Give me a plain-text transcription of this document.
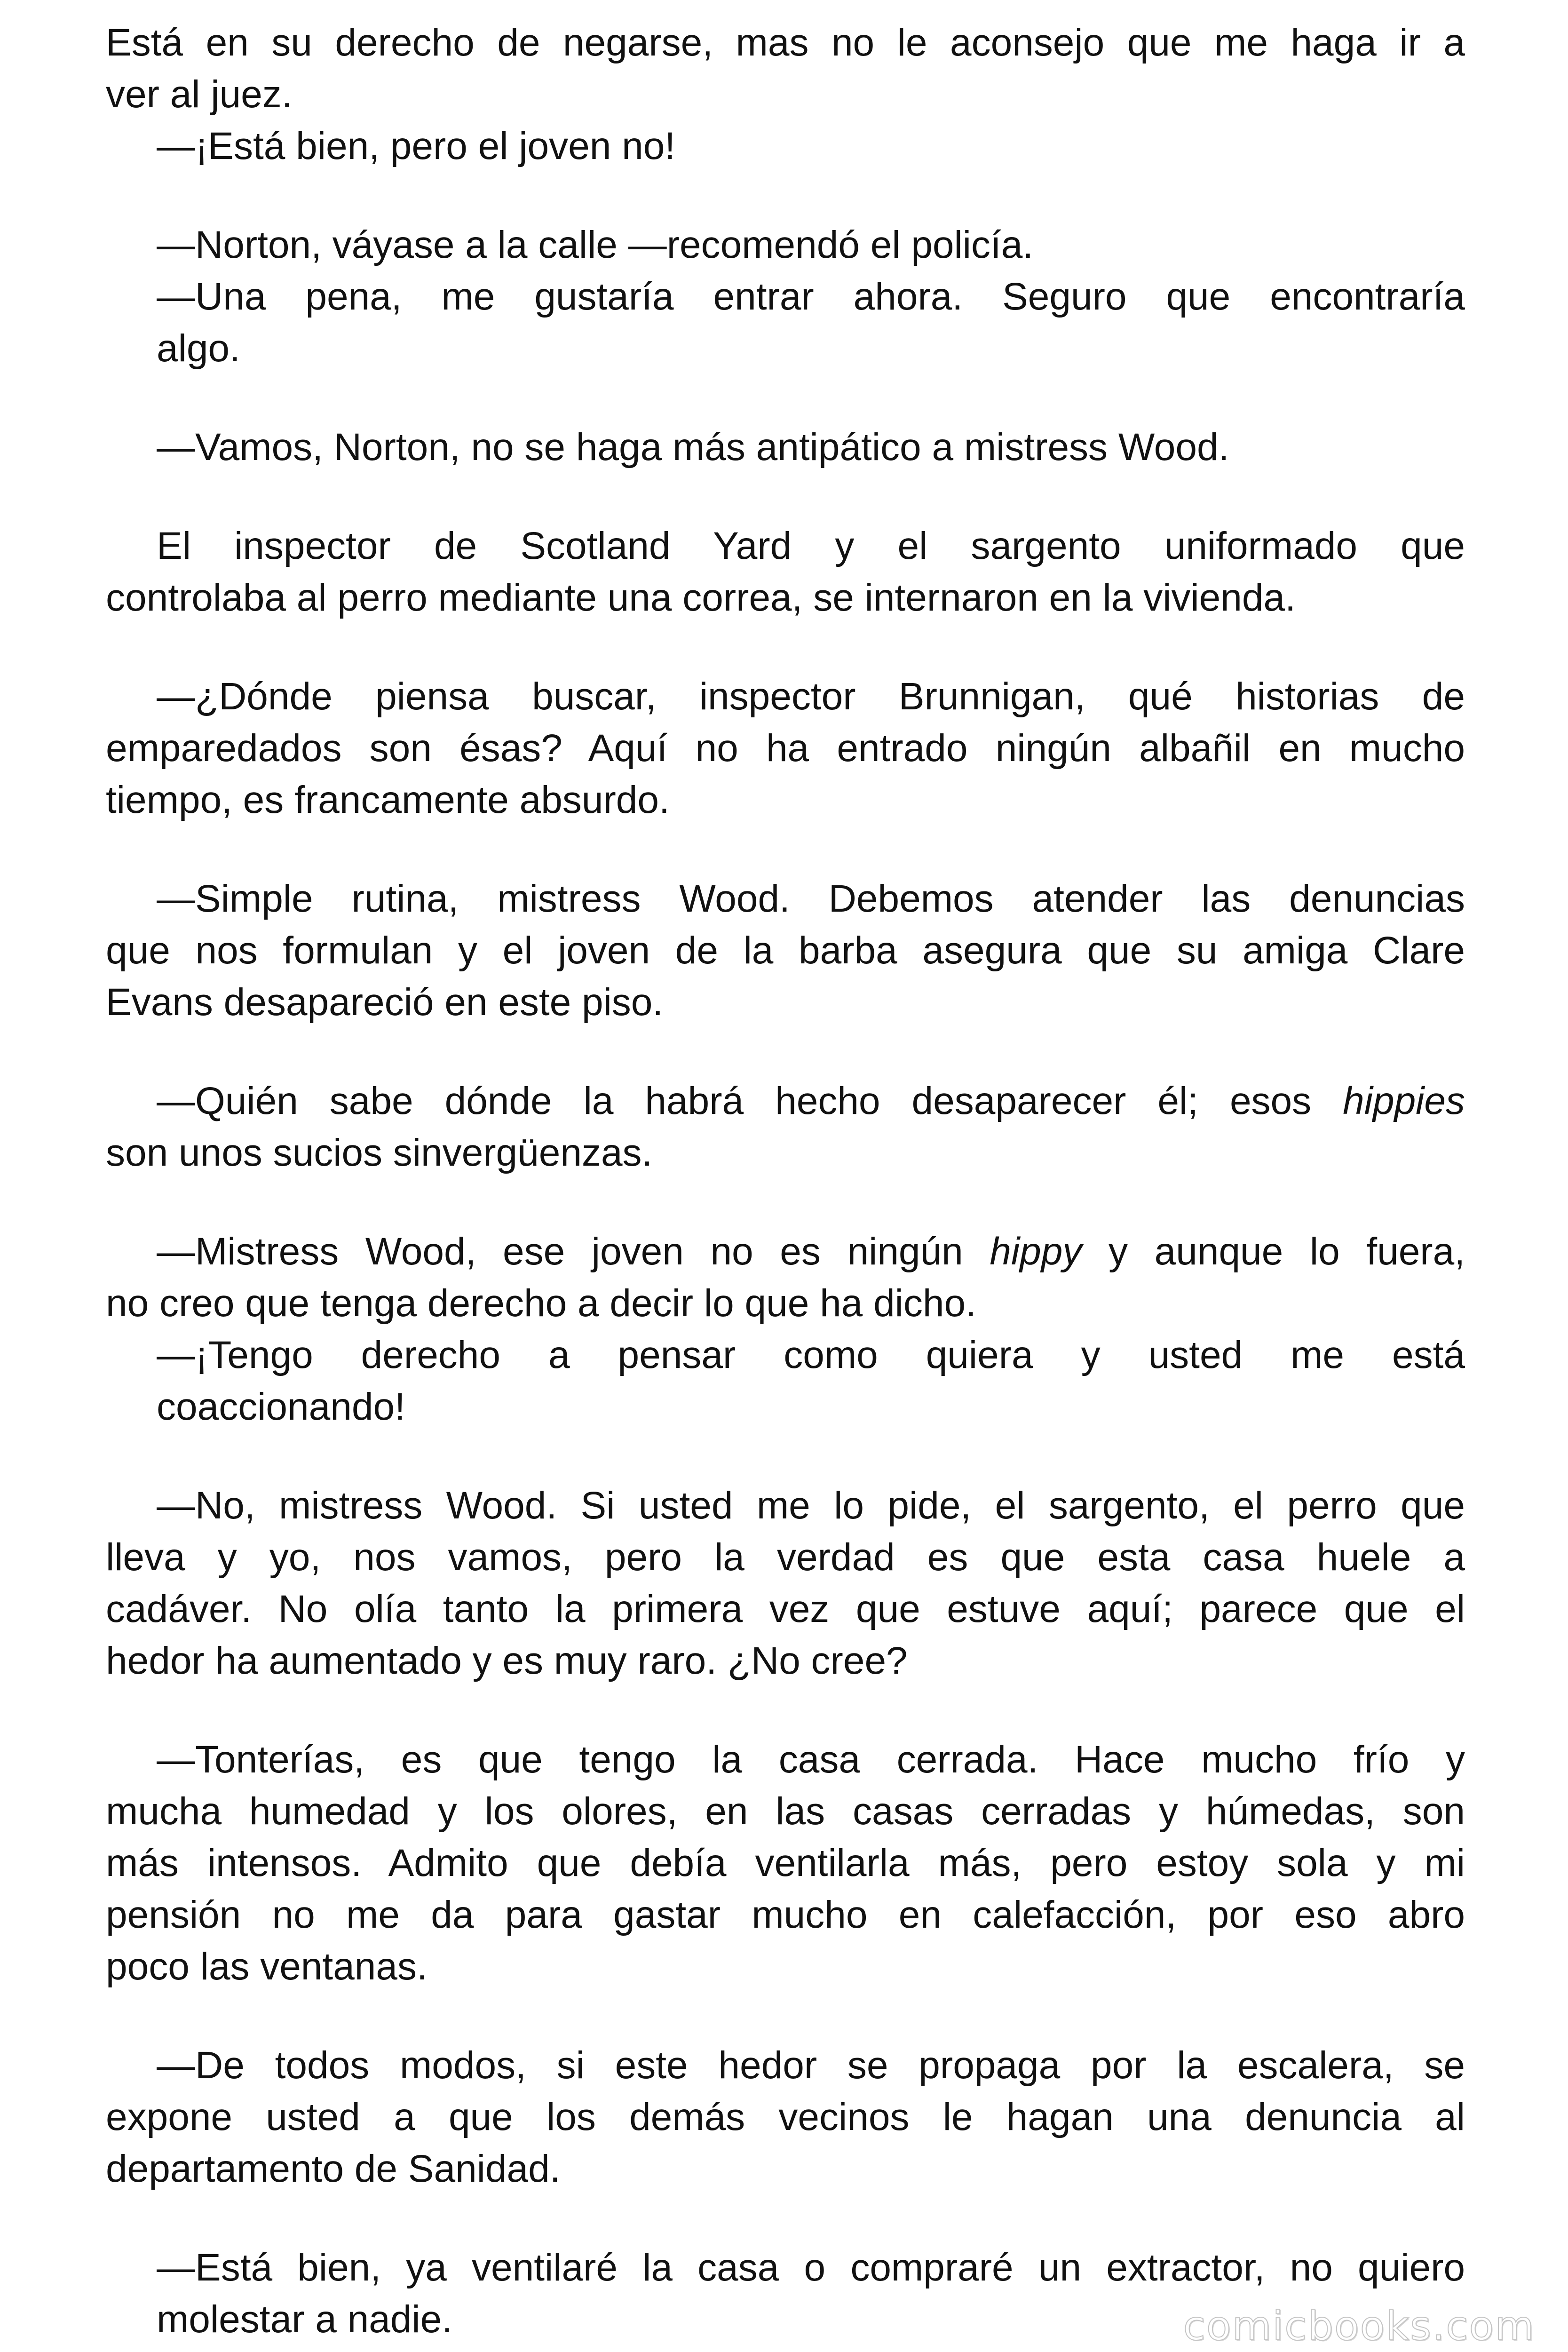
Está en su derecho de negarse, mas no le aconsejo que me haga ir a
ver al juez.
—¡Está bien, pero el joven no!
—Norton, váyase a la calle —recomendó el policía.
—Una pena, me gustaría entrar ahora. Seguro que encontraría
algo.
—Vamos, Norton, no se haga más antipático a mistress Wood.
El inspector de Scotland Yard y el sargento uniformado que
controlaba al perro mediante una correa, se internaron en la vivienda.
—¿Dónde piensa buscar, inspector Brunnigan, qué historias de
emparedados son ésas? Aquí no ha entrado ningún albañil en mucho
tiempo, es francamente absurdo.
—Simple rutina, mistress Wood. Debemos atender las denuncias
que nos formulan y el joven de la barba asegura que su amiga Clare
Evans desapareció en este piso.
—Quién sabe dónde la habrá hecho desaparecer él; esos hippies
son unos sucios sinvergüenzas.
—Mistress Wood, ese joven no es ningún hippy y aunque lo fuera,
no creo que tenga derecho a decir lo que ha dicho.
—¡Tengo derecho a pensar como quiera y usted me está
coaccionando!
—No, mistress Wood. Si usted me lo pide, el sargento, el perro que
lleva y yo, nos vamos, pero la verdad es que esta casa huele a
cadáver. No olía tanto la primera vez que estuve aquí; parece que el
hedor ha aumentado y es muy raro. ¿No cree?
—Tonterías, es que tengo la casa cerrada. Hace mucho frío y
mucha humedad y los olores, en las casas cerradas y húmedas, son
más intensos. Admito que debía ventilarla más, pero estoy sola y mi
pensión no me da para gastar mucho en calefacción, por eso abro
poco las ventanas.
—De todos modos, si este hedor se propaga por la escalera, se
expone usted a que los demás vecinos le hagan una denuncia al
departamento de Sanidad.
—Está bien, ya ventilaré la casa o compraré un extractor, no quiero
molestar a nadie.	comicbooks.com
